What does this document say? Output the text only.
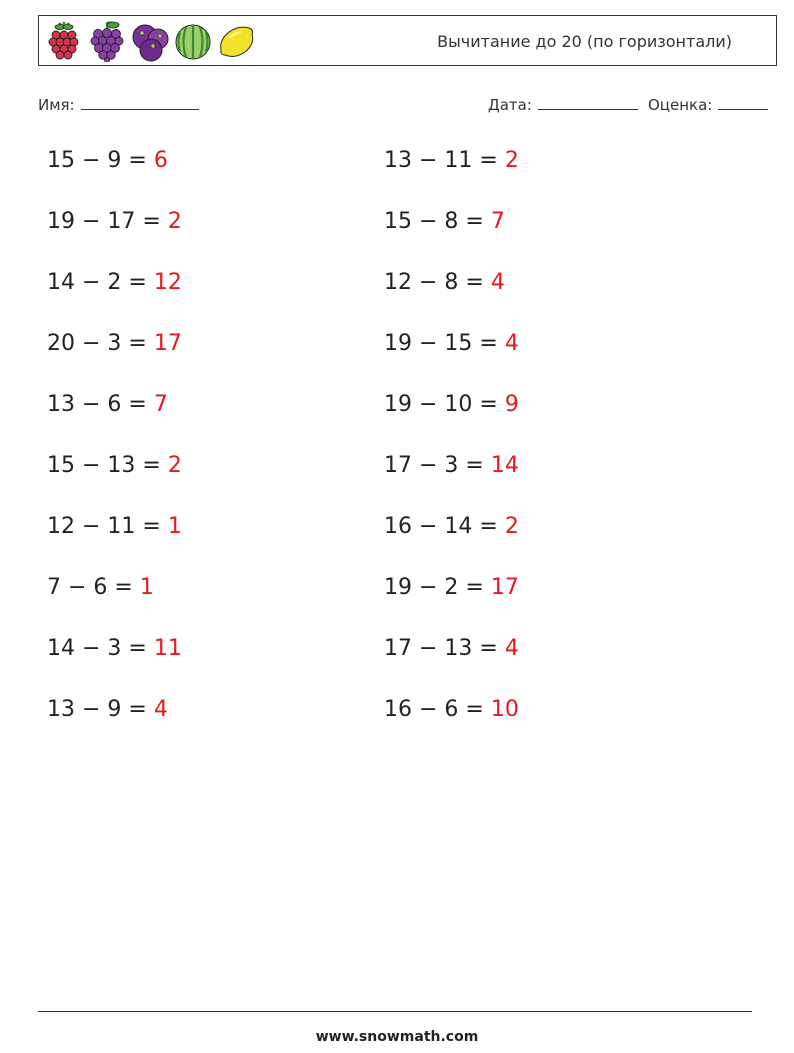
Вычитание до 20 (по горизонтали)
Имя:	Дата:	Оценка:
15 − 9 = 6
19 − 17 = 2
14 − 2 = 12
20 − 3 = 17
13 − 6 = 7
15 − 13 = 2
12 − 11 = 1
7 − 6 = 1
14 − 3 = 11
13 − 9 = 4
13 − 11 = 2
15 − 8 = 7
12 − 8 = 4
19 − 15 = 4
19 − 10 = 9
17 − 3 = 14
16 − 14 = 2
19 − 2 = 17
17 − 13 = 4
16 − 6 = 10
www.snowmath.com
